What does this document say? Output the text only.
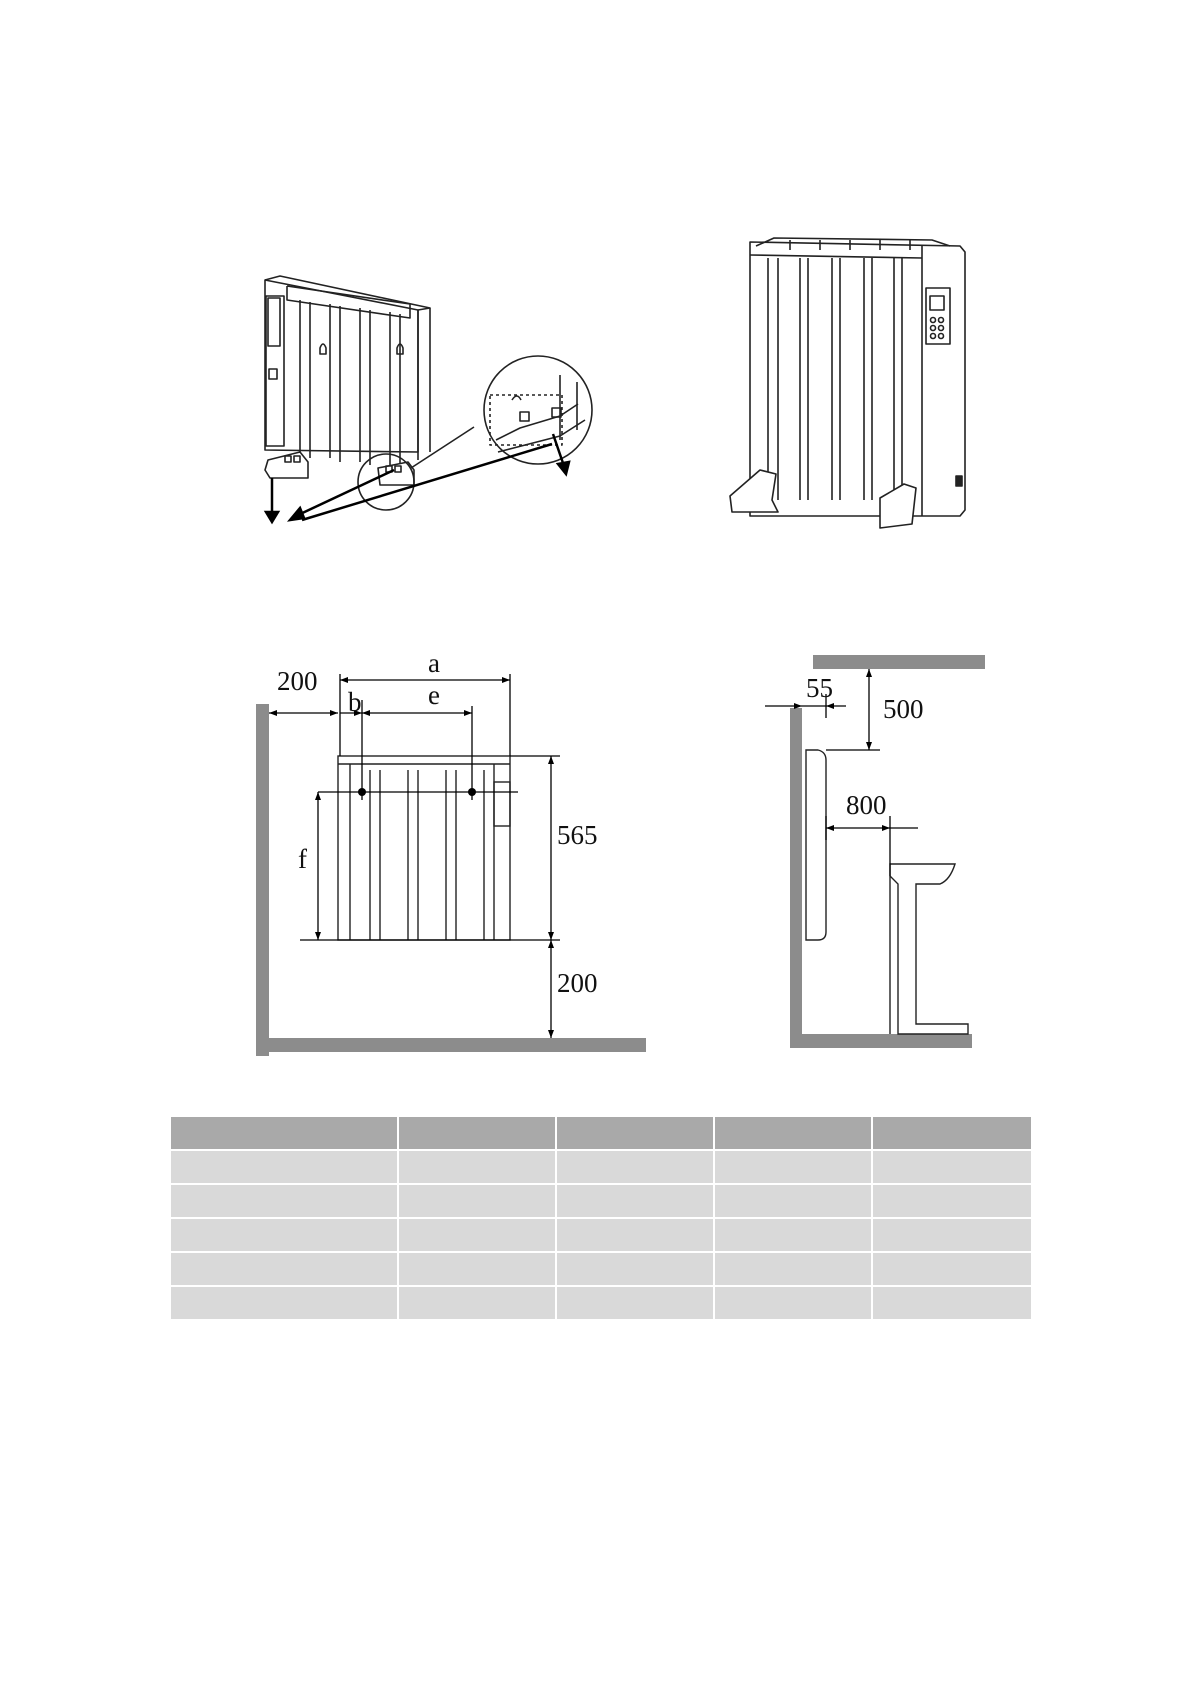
a
200
b e
f
565
200
55
500
800
